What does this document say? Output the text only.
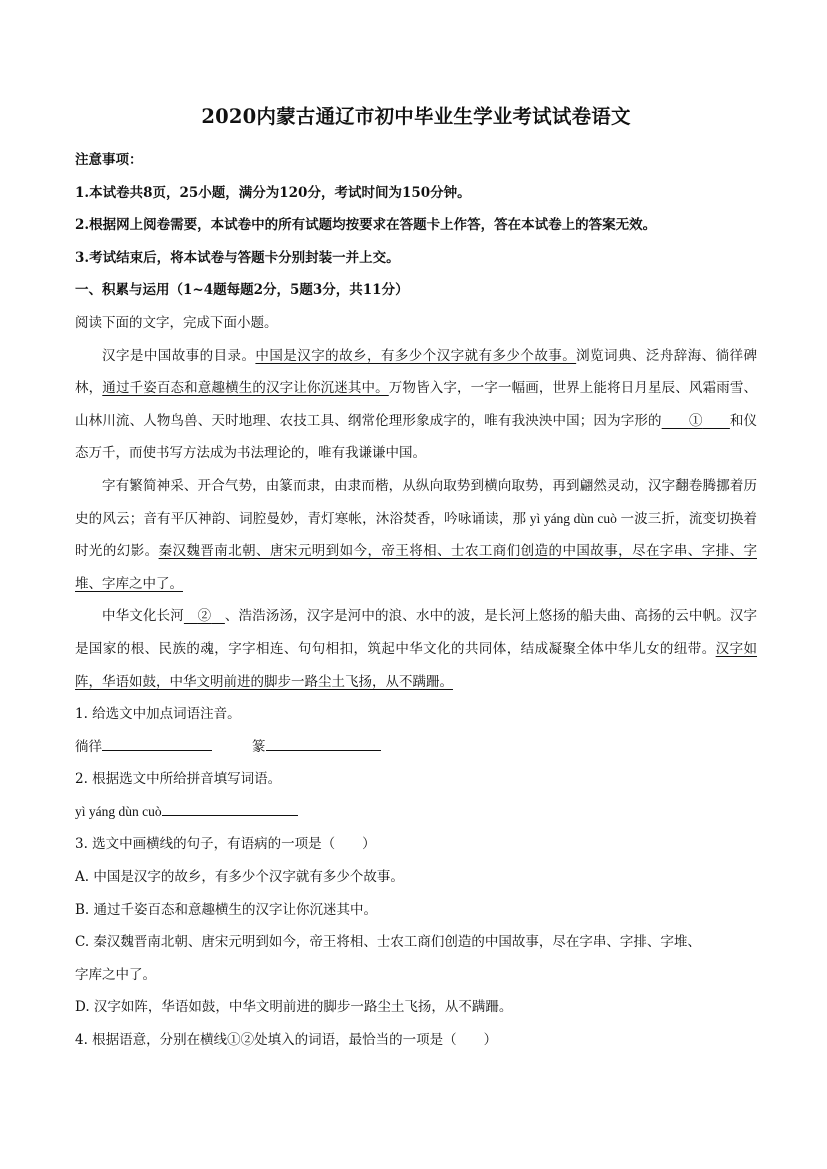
2020内蒙古通辽市初中毕业生学业考试试卷语文
注意事项：
1.本试卷共8页，25小题，满分为120分，考试时间为150分钟。
2.根据网上阅卷需要，本试卷中的所有试题均按要求在答题卡上作答，答在本试卷上的答案无效。
3.考试结束后，将本试卷与答题卡分别封装一并上交。
一、积累与运用（1~4题每题2分，5题3分，共11分）
阅读下面的文字，完成下面小题。

汉字是中国故事的目录。中国是汉字的故乡，有多少个汉字就有多少个故事。浏览词典、泛舟辞海、徜徉碑林，通过千姿百态和意趣横生的汉字让你沉迷其中。万物皆入字，一字一幅画，世界上能将日月星辰、风霜雨雪、山林川流、人物鸟兽、天时地理、农技工具、纲常伦理形象成字的，唯有我泱泱中国；因为字形的　　 ①　　 和仪态万千，而使书写方法成为书法理论的，唯有我谦谦中国。

字有繁简神采、开合气势，由篆而隶，由隶而楷，从纵向取势到横向取势，再到翩然灵动，汉字翻卷腾挪着历史的风云；音有平仄神韵、词腔曼妙，青灯寒帐，沐浴焚香，吟咏诵读，那 yì yáng dùn cuò 一波三折，流变切换着时光的幻影。秦汉魏晋南北朝、唐宋元明到如今，帝王将相、士农工商们创造的中国故事，尽在字串、字排、字堆、字库之中了。

中华文化长河　 ②　 、浩浩汤汤，汉字是河中的浪、水中的波，是长河上悠扬的船夫曲、高扬的云中帆。汉字是国家的根、民族的魂，字字相连、句句相扣，筑起中华文化的共同体，结成凝聚全体中华儿女的纽带。汉字如阵，华语如鼓，中华文明前进的脚步一路尘土飞扬，从不蹒跚。

1. 给选文中加点词语注音。
徜徉	篆
2. 根据选文中所给拼音填写词语。
yì yáng dùn cuò
3. 选文中画横线的句子，有语病的一项是（　　）
A. 中国是汉字的故乡，有多少个汉字就有多少个故事。
B. 通过千姿百态和意趣横生的汉字让你沉迷其中。
C. 秦汉魏晋南北朝、唐宋元明到如今，帝王将相、士农工商们创造的中国故事，尽在字串、字排、字堆、
字库之中了。
D. 汉字如阵，华语如鼓，中华文明前进的脚步一路尘土飞扬，从不蹒跚。
4. 根据语意，分别在横线①②处填入的词语，最恰当的一项是（　　）
